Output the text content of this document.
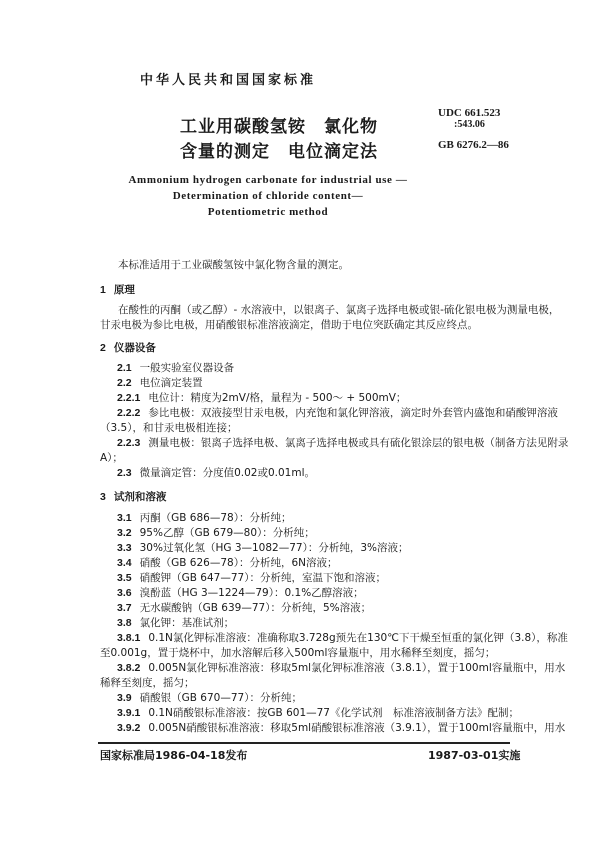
中华人民共和国国家标准
工业用碳酸氢铵　氯化物
含量的测定　电位滴定法
UDC 661.523
:543.06
GB 6276.2—86
Ammonium hydrogen carbonate for industrial use —
Determination of chloride content—
Potentiometric method
本标准适用于工业碳酸氢铵中氯化物含量的测定。
1 原理
在酸性的丙酮（或乙醇）- 水溶液中，以银离子、氯离子选择电极或银-硫化银电极为测量电极，
甘汞电极为参比电极，用硝酸银标准溶液滴定，借助于电位突跃确定其反应终点。
2 仪器设备
2.1 一般实验室仪器设备
2.2 电位滴定装置
2.2.1 电位计：精度为2mV/格，量程为 - 500～ + 500mV；
2.2.2 参比电极：双液接型甘汞电极，内充饱和氯化钾溶液，滴定时外套管内盛饱和硝酸钾溶液
（3.5），和甘汞电极相连接；
2.2.3 测量电极：银离子选择电极、氯离子选择电极或具有硫化银涂层的银电极（制备方法见附录
A）；
2.3 微量滴定管：分度值0.02或0.01ml。
3 试剂和溶液
3.1 丙酮（GB 686—78）：分析纯；
3.2 95%乙醇（GB 679—80）：分析纯；
3.3 30%过氧化氢（HG 3—1082—77）：分析纯，3%溶液；
3.4 硝酸（GB 626—78）：分析纯，6N溶液；
3.5 硝酸钾（GB 647—77）：分析纯，室温下饱和溶液；
3.6 溴酚蓝（HG 3—1224—79）：0.1%乙醇溶液；
3.7 无水碳酸钠（GB 639—77）：分析纯，5%溶液；
3.8 氯化钾：基准试剂；
3.8.1 0.1N氯化钾标准溶液：准确称取3.728g预先在130℃下干燥至恒重的氯化钾（3.8），称准
至0.001g，置于烧杯中，加水溶解后移入500ml容量瓶中，用水稀释至刻度，摇匀；
3.8.2 0.005N氯化钾标准溶液：移取5ml氯化钾标准溶液（3.8.1），置于100ml容量瓶中，用水
稀释至刻度，摇匀；
3.9 硝酸银（GB 670—77）：分析纯；
3.9.1 0.1N硝酸银标准溶液：按GB 601—77《化学试剂　标准溶液制备方法》配制；
3.9.2 0.005N硝酸银标准溶液：移取5ml硝酸银标准溶液（3.9.1），置于100ml容量瓶中，用水
国家标准局1986-04-18发布	1987-03-01实施
